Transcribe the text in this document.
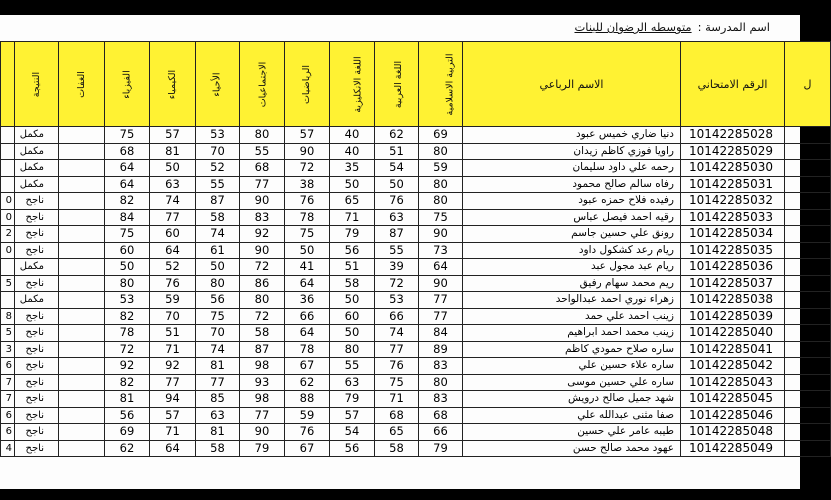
اسم المدرسة :متوسطه الرضوان للبنات
	النتيجة	الغفات	الفيزياء	الكيمياء	الأحياء	الاجتماعيات	الرياضيات	اللغة الانكليزية	اللغة العربية	التربية الاسلامية	الاسم الرباعي	الرقم الامتحاني	ل
	مكمل		75	57	53	80	57	40	62	69	دنيا ضاري خميس عبود	10142285028	
	مكمل		68	81	70	55	90	40	51	80	راويا فوزي كاظم زيدان	10142285029	
	مكمل		64	50	52	68	72	35	54	59	رحمه علي داود سليمان	10142285030	
	مكمل		64	63	55	77	38	50	50	80	رفاه سالم صالح محمود	10142285031	
0	ناجح		82	74	87	90	76	65	76	80	رفيده فلاح حمزه عبود	10142285032	
0	ناجح		84	77	58	83	78	71	63	75	رقيه احمد فيصل عباس	10142285033	
2	ناجح		75	60	74	92	75	79	87	90	رونق علي حسين جاسم	10142285034	
0	ناجح		60	64	61	90	50	56	55	73	ريام رعد كشكول داود	10142285035	
	مكمل		50	52	50	72	41	51	39	64	ريام عبد مجول عبد	10142285036	
5	ناجح		80	76	80	86	64	58	72	90	ريم محمد سهام رفيق	10142285037	
	مكمل		53	59	56	80	36	50	53	77	زهراء نوري احمد عبدالواحد	10142285038	
8	ناجح		82	70	75	72	66	60	66	77	زينب احمد علي حمد	10142285039	
5	ناجح		78	51	70	58	64	50	74	84	زينب محمد احمد ابراهيم	10142285040	
3	ناجح		72	71	74	87	78	80	77	89	ساره صلاح حمودي كاظم	10142285041	
6	ناجح		92	92	81	98	67	55	76	83	ساره علاء حسين علي	10142285042	
7	ناجح		82	77	77	93	62	63	75	80	ساره علي حسين موسى	10142285043	
7	ناجح		81	94	85	98	88	79	71	83	شهد جميل صالح درويش	10142285045	
6	ناجح		56	57	63	77	59	57	68	68	صفا مثنى عبدالله علي	10142285046	
6	ناجح		69	71	81	90	76	54	65	66	طيبه عامر علي حسين	10142285048	
4	ناجح		62	64	58	79	67	56	58	79	عهود محمد صالح حسن	10142285049	
